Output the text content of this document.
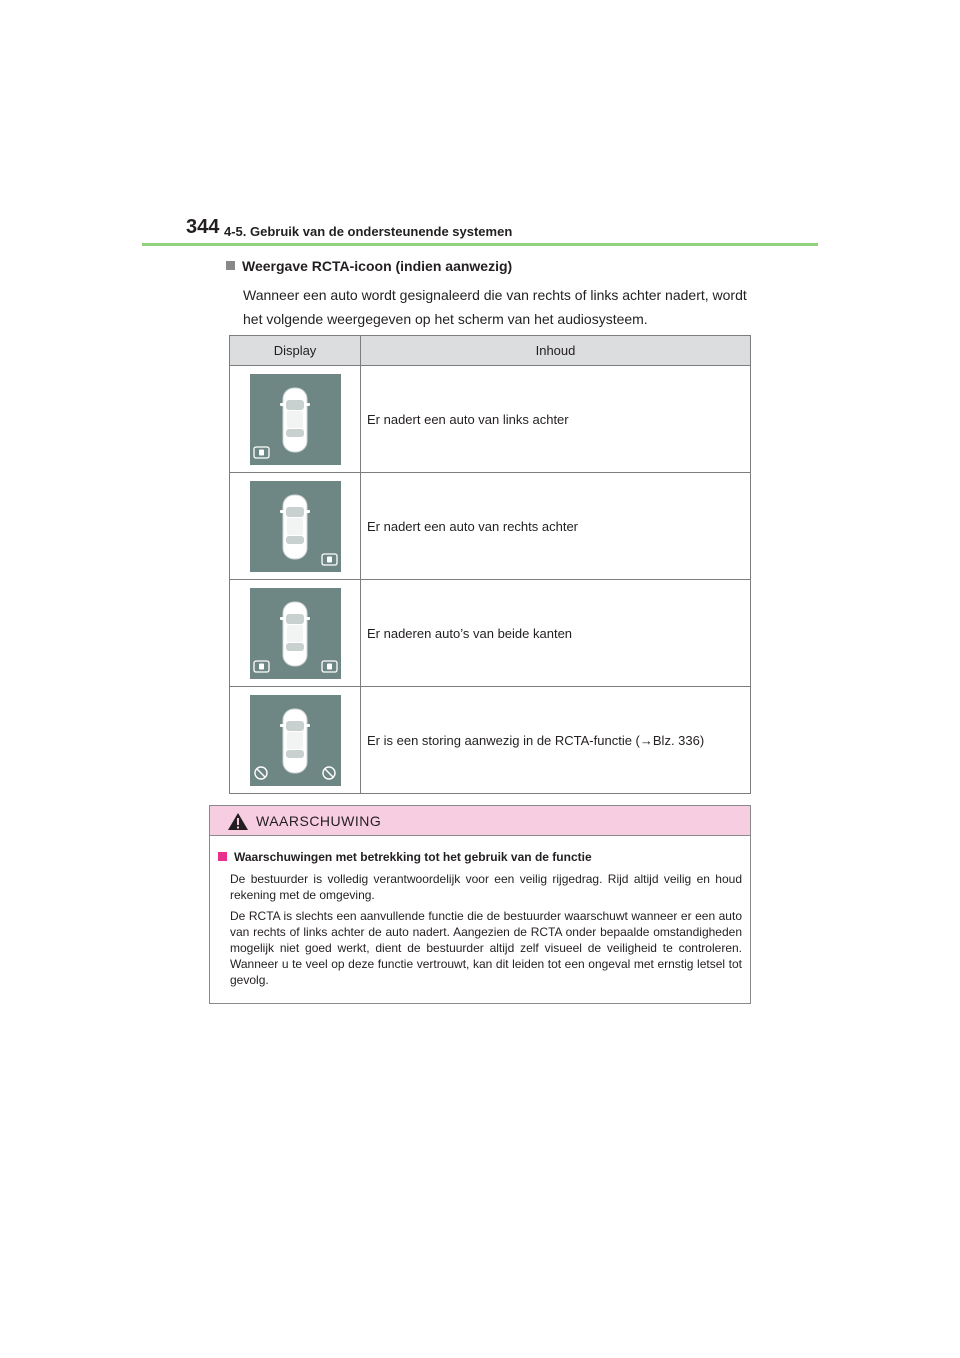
344 4-5. Gebruik van de ondersteunende systemen
Weergave RCTA-icoon (indien aanwezig)
Wanneer een auto wordt gesignaleerd die van rechts of links achter nadert, wordt het volgende weergegeven op het scherm van het audiosysteem.
Display	Inhoud

	Er nadert een auto van links achter

	Er nadert een auto van rechts achter

	Er naderen auto’s van beide kanten

	Er is een storing aanwezig in de RCTA-functie (→Blz. 336)
WAARSCHUWING
Waarschuwingen met betrekking tot het gebruik van de functie
De bestuurder is volledig verantwoordelijk voor een veilig rijgedrag. Rijd altijd veilig en houd rekening met de omgeving.
De RCTA is slechts een aanvullende functie die de bestuurder waarschuwt wanneer er een auto van rechts of links achter de auto nadert. Aangezien de RCTA onder bepaalde omstandigheden mogelijk niet goed werkt, dient de bestuurder altijd zelf visueel de veiligheid te controleren. Wanneer u te veel op deze functie vertrouwt, kan dit leiden tot een ongeval met ernstig letsel tot gevolg.
